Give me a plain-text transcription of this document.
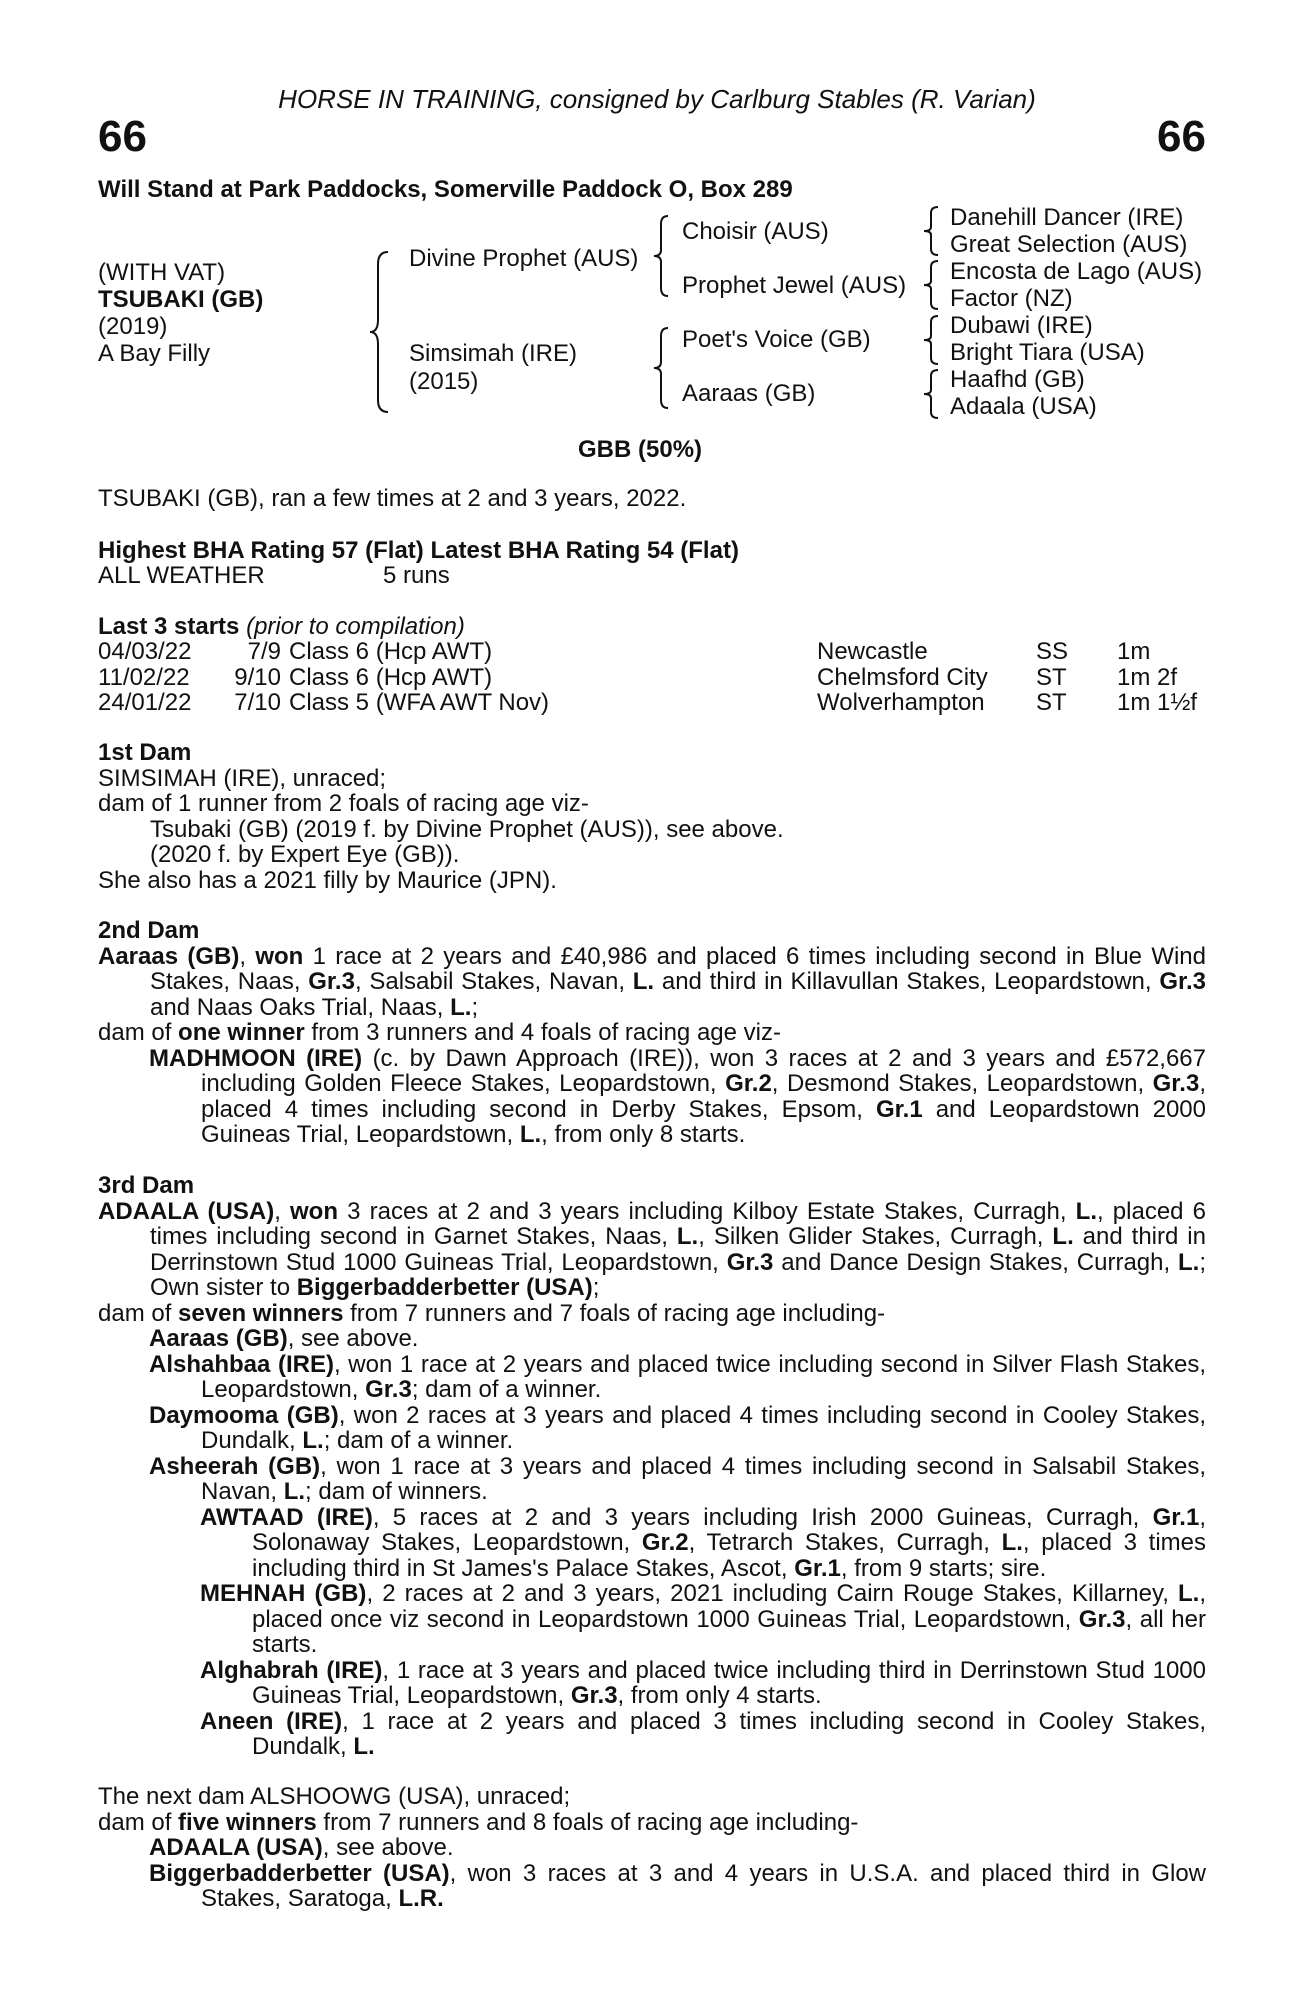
HORSE IN TRAINING, consigned by Carlburg Stables (R. Varian)
66	66
Will Stand at Park Paddocks, Somerville Paddock O, Box 289
(WITH VAT)
TSUBAKI (GB)
(2019)
A Bay Filly
Divine Prophet (AUS)
Simsimah (IRE)
(2015)
Choisir (AUS)
Prophet Jewel (AUS)
Poet's Voice (GB)
Aaraas (GB)
Danehill Dancer (IRE)
Great Selection (AUS)
Encosta de Lago (AUS)
Factor (NZ)
Dubawi (IRE)
Bright Tiara (USA)
Haafhd (GB)
Adaala (USA)
GBB (50%)
TSUBAKI (GB), ran a few times at 2 and 3 years, 2022.
Highest BHA Rating 57 (Flat) Latest BHA Rating 54 (Flat)
ALL WEATHER	5 runs
Last 3 starts (prior to compilation)
04/03/22	7/9	Class 6 (Hcp AWT)	Newcastle	SS	1m
11/02/22	9/10	Class 6 (Hcp AWT)	Chelmsford City	ST	1m 2f
24/01/22	7/10	Class 5 (WFA AWT Nov)	Wolverhampton	ST	1m 1½f

1st Dam

SIMSIMAH (IRE), unraced;

dam of 1 runner from 2 foals of racing age viz-

Tsubaki (GB) (2019 f. by Divine Prophet (AUS)), see above.

(2020 f. by Expert Eye (GB)).

She also has a 2021 filly by Maurice (JPN).

2nd Dam

Aaraas (GB), won 1 race at 2 years and £40,986 and placed 6 times including second in Blue Wind Stakes, Naas, Gr.3, Salsabil Stakes, Navan, L. and third in Killavullan Stakes, Leopardstown, Gr.3 and Naas Oaks Trial, Naas, L.;

dam of one winner from 3 runners and 4 foals of racing age viz-

MADHMOON (IRE) (c. by Dawn Approach (IRE)), won 3 races at 2 and 3 years and £572,667 including Golden Fleece Stakes, Leopardstown, Gr.2, Desmond Stakes, Leopardstown, Gr.3, placed 4 times including second in Derby Stakes, Epsom, Gr.1 and Leopardstown 2000 Guineas Trial, Leopardstown, L., from only 8 starts.

3rd Dam

ADAALA (USA), won 3 races at 2 and 3 years including Kilboy Estate Stakes, Curragh, L., placed 6 times including second in Garnet Stakes, Naas, L., Silken Glider Stakes, Curragh, L. and third in Derrinstown Stud 1000 Guineas Trial, Leopardstown, Gr.3 and Dance Design Stakes, Curragh, L.; Own sister to Biggerbadderbetter (USA);

dam of seven winners from 7 runners and 7 foals of racing age including-

Aaraas (GB), see above.

Alshahbaa (IRE), won 1 race at 2 years and placed twice including second in Silver Flash Stakes, Leopardstown, Gr.3; dam of a winner.

Daymooma (GB), won 2 races at 3 years and placed 4 times including second in Cooley Stakes, Dundalk, L.; dam of a winner.

Asheerah (GB), won 1 race at 3 years and placed 4 times including second in Salsabil Stakes, Navan, L.; dam of winners.

AWTAAD (IRE), 5 races at 2 and 3 years including Irish 2000 Guineas, Curragh, Gr.1, Solonaway Stakes, Leopardstown, Gr.2, Tetrarch Stakes, Curragh, L., placed 3 times including third in St James's Palace Stakes, Ascot, Gr.1, from 9 starts; sire.

MEHNAH (GB), 2 races at 2 and 3 years, 2021 including Cairn Rouge Stakes, Killarney, L., placed once viz second in Leopardstown 1000 Guineas Trial, Leopardstown, Gr.3, all her starts.

Alghabrah (IRE), 1 race at 3 years and placed twice including third in Derrinstown Stud 1000 Guineas Trial, Leopardstown, Gr.3, from only 4 starts.

Aneen (IRE), 1 race at 2 years and placed 3 times including second in Cooley Stakes, Dundalk, L.

The next dam ALSHOOWG (USA), unraced;

dam of five winners from 7 runners and 8 foals of racing age including-

ADAALA (USA), see above.

Biggerbadderbetter (USA), won 3 races at 3 and 4 years in U.S.A. and placed third in Glow Stakes, Saratoga, L.R.
